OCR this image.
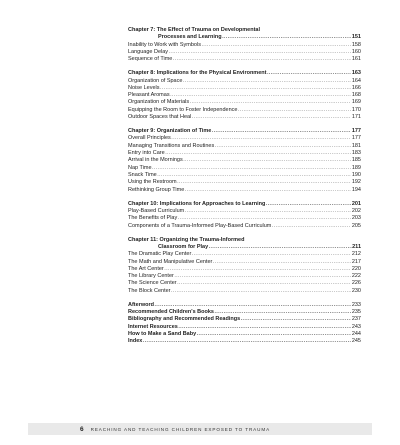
Chapter 7: The Effect of Trauma on Developmental
Processes and Learning .....	151
Inability to Work with Symbols .....	158
Language Delay .....	160
Sequence of Time .....	161
Chapter 8: Implications for the Physical Environment .....	163
Organization of Space .....	164
Noise Levels .....	166
Pleasant Aromas .....	168
Organization of Materials .....	169
Equipping the Room to Foster Independence .....	170
Outdoor Spaces that Heal .....	171
Chapter 9: Organization of Time .....	177
Overall Principles .....	177
Managing Transitions and Routines .....	181
Entry into Care .....	183
Arrival in the Mornings .....	185
Nap Time .....	189
Snack Time .....	190
Using the Restroom .....	192
Rethinking Group Time .....	194
Chapter 10: Implications for Approaches to Learning .....	201
Play-Based Curriculum .....	202
The Benefits of Play .....	203
Components of a Trauma-Informed Play-Based Curriculum .....	205
Chapter 11: Organizing the Trauma-Informed
Classroom for Play .....	211
The Dramatic Play Center .....	212
The Math and Manipulative Center .....	217
The Art Center .....	220
The Library Center .....	222
The Science Center .....	226
The Block Center .....	230
Afterword .....	233
Recommended Children's Books .....	235
Bibliography and Recommended Readings .....	237
Internet Resources .....	243
How to Make a Sand Baby .....	244
Index .....	245
6 REACHING AND TEACHING CHILDREN EXPOSED TO TRAUMA
